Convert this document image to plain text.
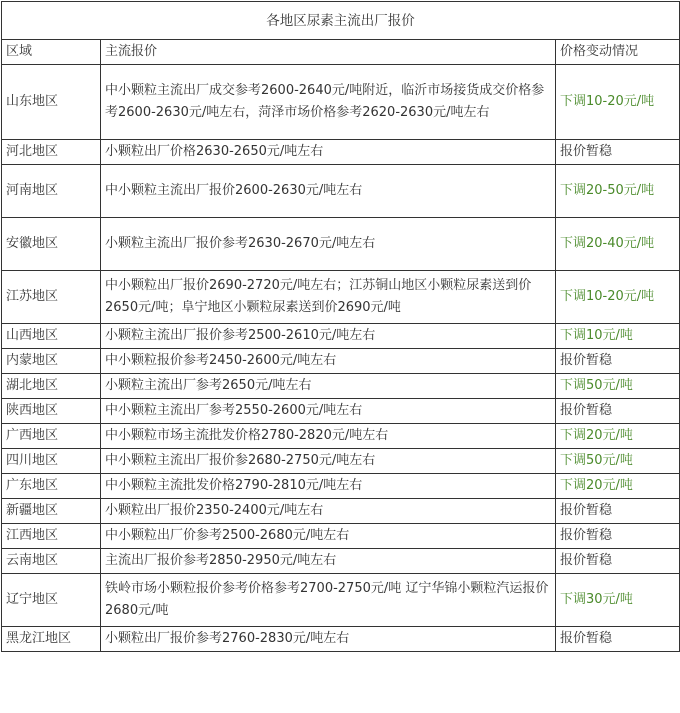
各地区尿素主流出厂报价		
区域	主流报价	价格变动情况
山东地区	中小颗粒主流出厂成交参考2600-2640元/吨附近，临沂市场接货成交价格参考2600-2630元/吨左右，菏泽市场价格参考2620-2630元/吨左右	下调10-20元/吨
河北地区	小颗粒出厂价格2630-2650元/吨左右	报价暂稳
河南地区	中小颗粒主流出厂报价2600-2630元/吨左右	下调20-50元/吨
安徽地区	小颗粒主流出厂报价参考2630-2670元/吨左右	下调20-40元/吨
江苏地区	中小颗粒出厂报价2690-2720元/吨左右；江苏铜山地区小颗粒尿素送到价2650元/吨；阜宁地区小颗粒尿素送到价2690元/吨	下调10-20元/吨
山西地区	小颗粒主流出厂报价参考2500-2610元/吨左右	下调10元/吨
内蒙地区	中小颗粒报价参考2450-2600元/吨左右	报价暂稳
湖北地区	小颗粒主流出厂参考2650元/吨左右	下调50元/吨
陕西地区	中小颗粒主流出厂参考2550-2600元/吨左右	报价暂稳
广西地区	中小颗粒市场主流批发价格2780-2820元/吨左右	下调20元/吨
四川地区	中小颗粒主流出厂报价参2680-2750元/吨左右	下调50元/吨
广东地区	中小颗粒主流批发价格2790-2810元/吨左右	下调20元/吨
新疆地区	小颗粒出厂报价2350-2400元/吨左右	报价暂稳
江西地区	中小颗粒出厂价参考2500-2680元/吨左右	报价暂稳
云南地区	主流出厂报价参考2850-2950元/吨左右	报价暂稳
辽宁地区	铁岭市场小颗粒报价参考价格参考2700-2750元/吨 辽宁华锦小颗粒汽运报价2680元/吨	下调30元/吨
黑龙江地区	小颗粒出厂报价参考2760-2830元/吨左右	报价暂稳
